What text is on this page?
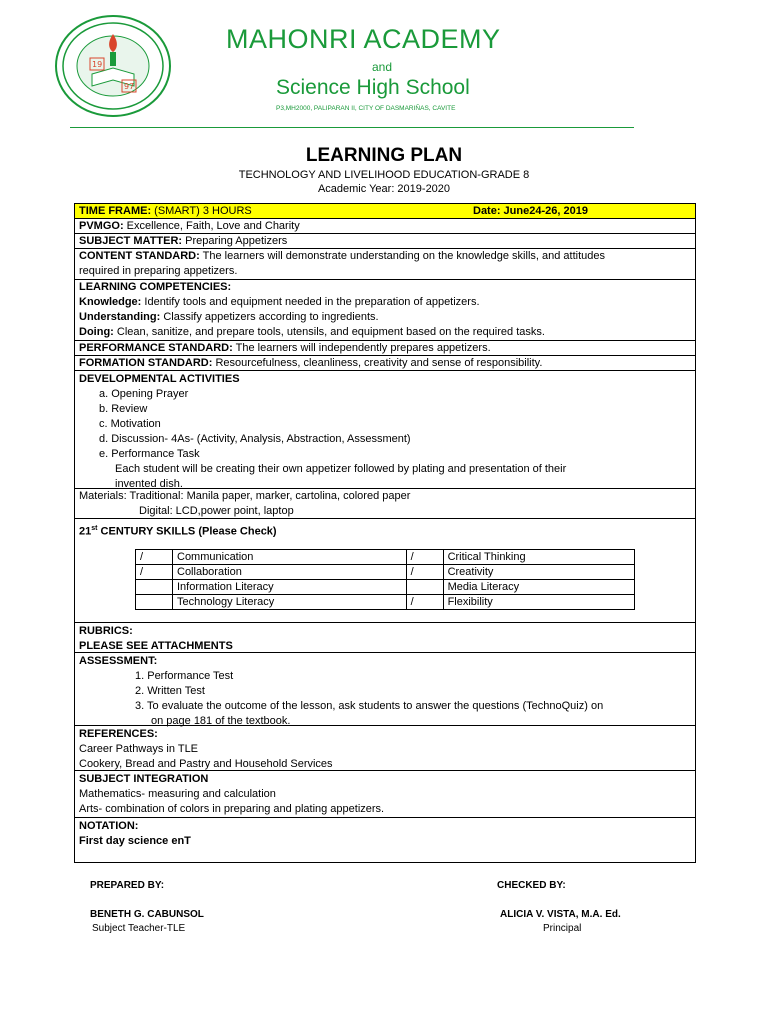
19
97
MAHONRI ACADEMY
and
Science High School
P3,MH2000, PALIPARAN II, CITY OF DASMARIÑAS, CAVITE
LEARNING PLAN
TECHNOLOGY AND LIVELIHOOD EDUCATION-GRADE 8
Academic Year: 2019-2020
TIME FRAME: (SMART) 3 HOURS	Date: June24-26, 2019
PVMGO: Excellence, Faith, Love and Charity
SUBJECT MATTER: Preparing Appetizers
CONTENT STANDARD: The learners will demonstrate understanding on the knowledge skills, and attitudes
required in preparing appetizers.
LEARNING COMPETENCIES:
Knowledge: Identify tools and equipment needed in the preparation of appetizers.
Understanding: Classify appetizers according to ingredients.
Doing: Clean, sanitize, and prepare tools, utensils, and equipment based on the required tasks.
PERFORMANCE STANDARD: The learners will independently prepares appetizers.
FORMATION STANDARD: Resourcefulness, cleanliness, creativity and sense of responsibility.
DEVELOPMENTAL ACTIVITIES
a. Opening Prayer
b. Review
c. Motivation
d. Discussion- 4As- (Activity, Analysis, Abstraction, Assessment)
e. Performance Task
Each student will be creating their own appetizer followed by plating and presentation of their
invented dish.
Materials: Traditional: Manila paper, marker, cartolina, colored paper
Digital: LCD,power point, laptop
21st CENTURY SKILLS (Please Check)
/	Communication	/	Critical Thinking
/	Collaboration	/	Creativity
	Information Literacy		Media Literacy
	Technology Literacy	/	Flexibility
RUBRICS:
PLEASE SEE ATTACHMENTS
ASSESSMENT:
1. Performance Test
2. Written Test
3. To evaluate the outcome of the lesson, ask students to answer the questions (TechnoQuiz) on
on page 181 of the textbook.
REFERENCES:
Career Pathways in TLE
Cookery, Bread and Pastry and Household Services
SUBJECT INTEGRATION
Mathematics- measuring and calculation
Arts- combination of colors in preparing and plating appetizers.
NOTATION:
First day science enT
PREPARED BY:
BENETH G. CABUNSOL
Subject Teacher-TLE
CHECKED BY:
ALICIA V. VISTA, M.A. Ed.
Principal
